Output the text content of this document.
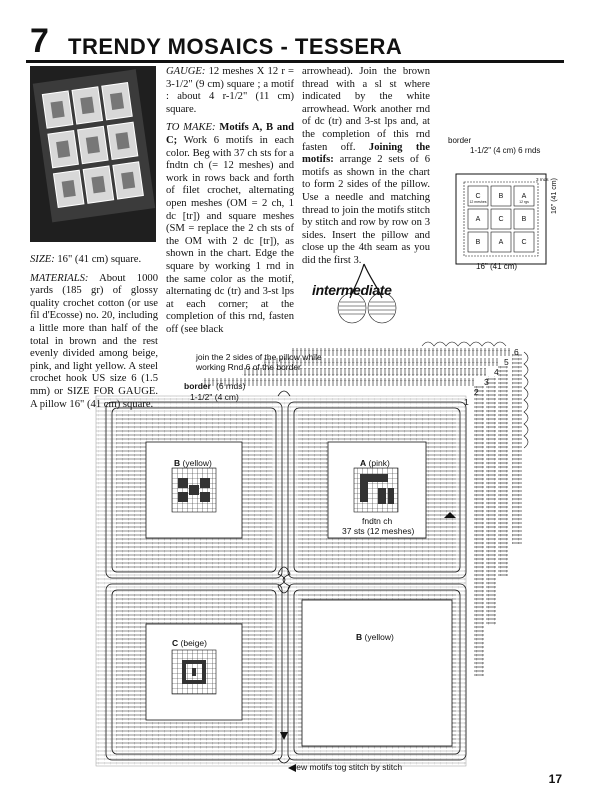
7 TRENDY MOSAICS - TESSERA

SIZE: 16" (41 cm) square.

MATERIALS: About 1000 yards (185 gr) of glossy quality crochet cotton (or use fil d'Ecosse) no. 20, including a little more than half of the total in brown and the rest evenly divided among beige, pink, and light yellow. A steel crochet hook US size 6 (1.5 mm) or SIZE FOR GAUGE. A pillow 16" (41 cm) square.

GAUGE: 12 meshes X 12 r = 3-1/2" (9 cm) square ; a motif : about 4 r-1/2" (11 cm) square.

TO MAKE: Motifs A, B and C; Work 6 motifs in each color. Beg with 37 ch sts for a fndtn ch (= 12 meshes) and work in rows back and forth of filet crochet, alternating open meshes (OM = 2 ch, 1 dc [tr]) and square meshes (SM = replace the 2 ch sts of the OM with 2 dc [tr]), as shown in the chart. Edge the square by working 1 rnd in the same color as the motif, alternating dc (tr) and 3-st lps at each corner; at the completion of this rnd, fasten off (see black

arrowhead). Join the brown thread with a sl st where indicated by the white arrowhead. Work another rnd of dc (tr) and 3-st lps and, at the completion of this rnd fasten off. Joining the motifs: arrange 2 sets of 6 motifs as shown in the chart to form 2 sides of the pillow. Use a needle and matching thread to join the motifs stitch by stitch and row by row on 3 sides. Insert the pillow and close up the 4th seam as you did the first 3.

intermediate
C	B	A
A	C	B
B	A	C
12 meshes	12 rgs	16" (41 cm)
3 rnds
border
1-1/2" (4 cm) 6 rnds
16" (41 cm)
join the 2 sides of the pillow while
working Rnd 6 of the border
border (6 rnds)
1-1/2" (4 cm)
6
5
4
3
2
1
B (yellow)	A (pink)
fndtn ch
37 sts (12 meshes)
C (beige)
B (yellow)
sew motifs tog stitch by stitch
17
